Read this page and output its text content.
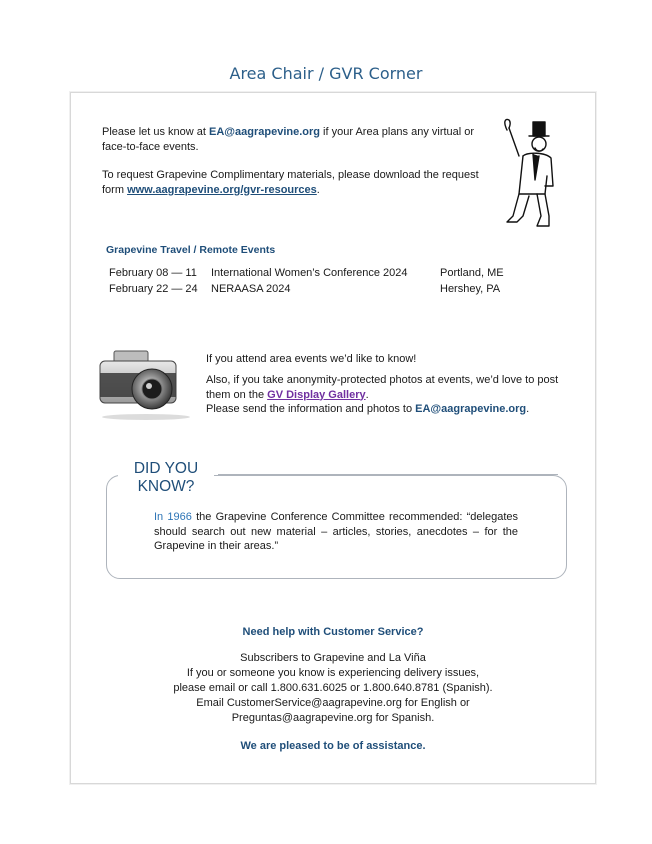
Area Chair / GVR Corner
Please let us know at EA@aagrapevine.org if your Area plans any virtual or
face-to-face events.
To request Grapevine Complimentary materials, please download the request
form www.aagrapevine.org/gvr-resources.
Grapevine Travel / Remote Events
February 08 — 11 International Women’s Conference 2024	Portland, ME
February 22 — 24 NERAASA 2024	Hershey, PA
If you attend area events we’d like to know!
Also, if you take anonymity-protected photos at events, we’d love to post
them on the GV Display Gallery.
Please send the information and photos to EA@aagrapevine.org.
DID YOU
KNOW?
In 1966 the Grapevine Conference Committee recommended: “delegates should search out new material – articles, stories, anecdotes – for the Grapevine in their areas.”
Need help with Customer Service?
Subscribers to Grapevine and La Viña
If you or someone you know is experiencing delivery issues,
please email or call 1.800.631.6025 or 1.800.640.8781 (Spanish).
Email CustomerService@aagrapevine.org for English or
Preguntas@aagrapevine.org for Spanish.
We are pleased to be of assistance.
